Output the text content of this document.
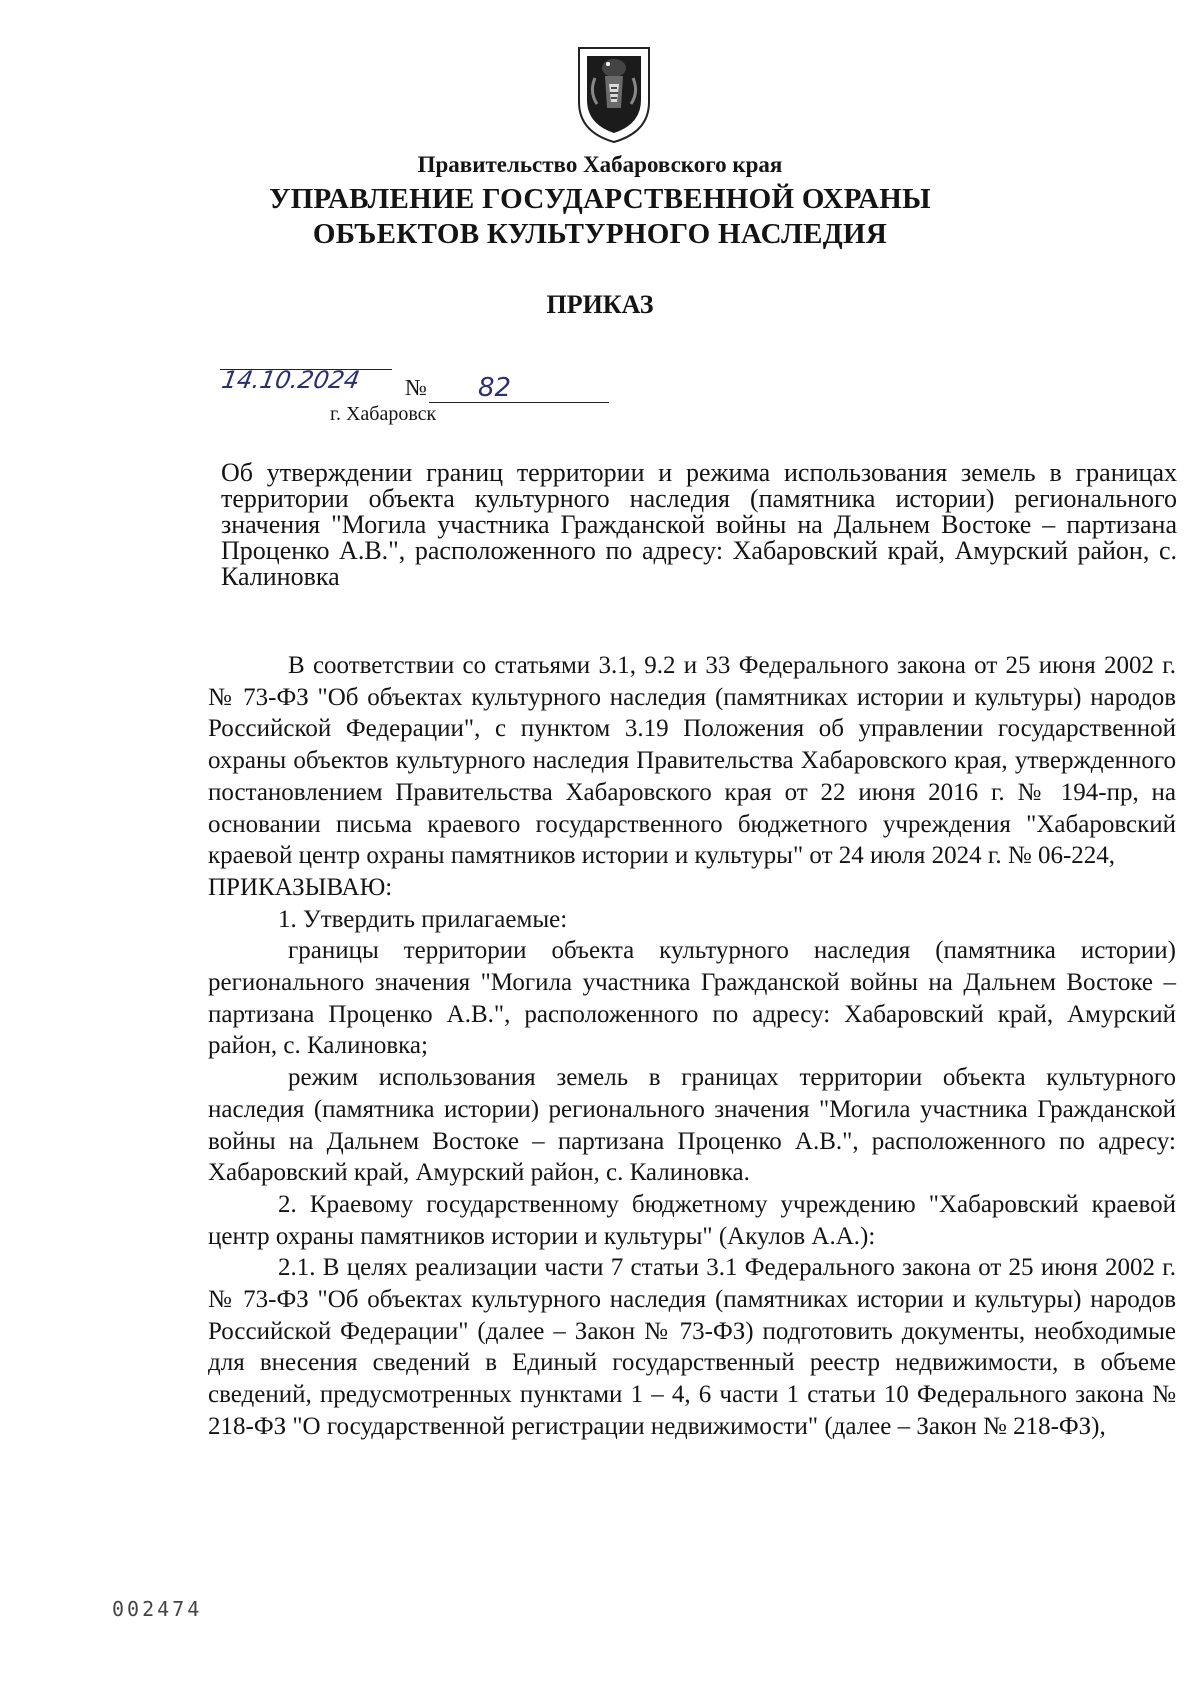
Правительство Хабаровского края
УПРАВЛЕНИЕ ГОСУДАРСТВЕННОЙ ОХРАНЫ
ОБЪЕКТОВ КУЛЬТУРНОГО НАСЛЕДИЯ
ПРИКАЗ
14.10.2024 № 82
г. Хабаровск
Об утверждении границ территории и режима использования земель в границах территории объекта культурного наследия (памятника истории) регионального значения "Могила участника Гражданской войны на Дальнем Востоке – партизана Проценко А.В.", расположенного по адресу: Хабаровский край, Амурский район, с. Калиновка

В соответствии со статьями 3.1, 9.2 и 33 Федерального закона от 25 июня 2002 г. № 73-ФЗ "Об объектах культурного наследия (памятниках истории и культуры) народов Российской Федерации", с пунктом 3.19 Положения об управлении государственной охраны объектов культурного наследия Правительства Хабаровского края, утвержденного постановлением Правительства Хабаровского края от 22 июня 2016 г. № 194-пр, на основании письма краевого государственного бюджетного учреждения "Хабаровский краевой центр охраны памятников истории и культуры" от 24 июля 2024 г. № 06-224,

ПРИКАЗЫВАЮ:

1. Утвердить прилагаемые:

границы территории объекта культурного наследия (памятника истории) регионального значения "Могила участника Гражданской войны на Дальнем Востоке – партизана Проценко А.В.", расположенного по адресу: Хабаровский край, Амурский район, с. Калиновка;

режим использования земель в границах территории объекта культурного наследия (памятника истории) регионального значения "Могила участника Гражданской войны на Дальнем Востоке – партизана Проценко А.В.", расположенного по адресу: Хабаровский край, Амурский район, с. Калиновка.

2. Краевому государственному бюджетному учреждению "Хабаровский краевой центр охраны памятников истории и культуры" (Акулов А.А.):

2.1. В целях реализации части 7 статьи 3.1 Федерального закона от 25 июня 2002 г. № 73-ФЗ "Об объектах культурного наследия (памятниках истории и культуры) народов Российской Федерации" (далее – Закон № 73-ФЗ) подготовить документы, необходимые для внесения сведений в Единый государственный реестр недвижимости, в объеме сведений, предусмотренных пунктами 1 – 4, 6 части 1 статьи 10 Федерального закона № 218-ФЗ "О государственной регистрации недвижимости" (далее – Закон № 218-ФЗ),

002474
